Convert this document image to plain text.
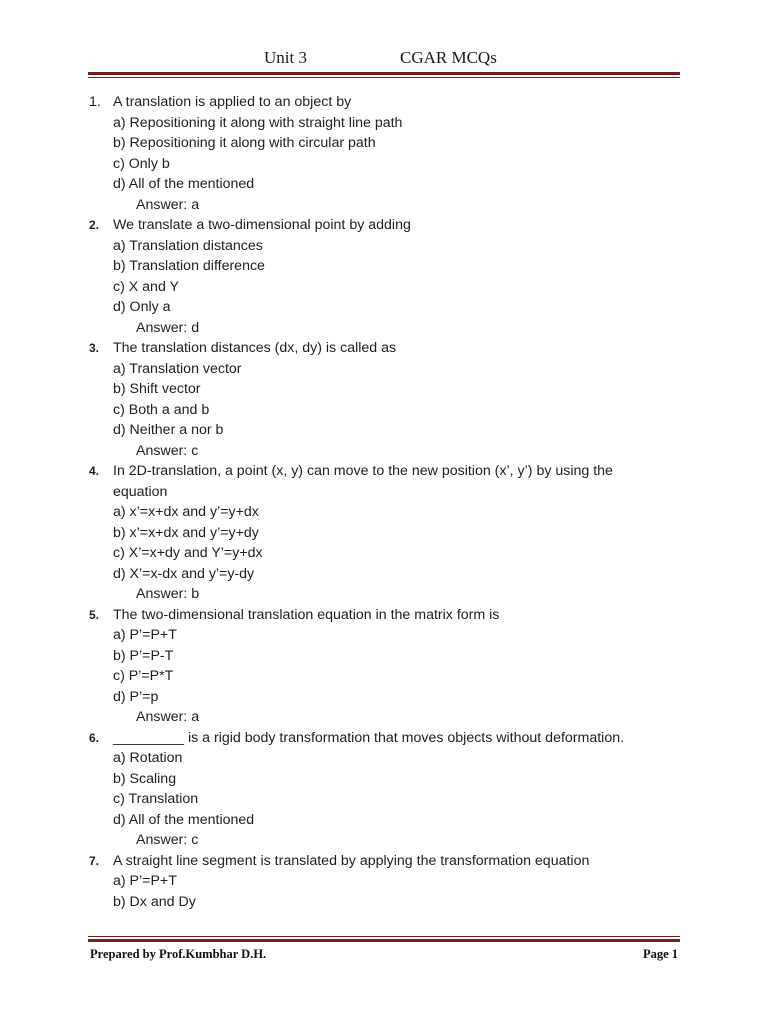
Unit 3	CGAR MCQs
1. A translation is applied to an object by
a) Repositioning it along with straight line path
b) Repositioning it along with circular path
c) Only b
d) All of the mentioned
Answer: a
2. We translate a two-dimensional point by adding
a) Translation distances
b) Translation difference
c) X and Y
d) Only a
Answer: d
3. The translation distances (dx, dy) is called as
a) Translation vector
b) Shift vector
c) Both a and b
d) Neither a nor b
Answer: c
4. In 2D-translation, a point (x, y) can move to the new position (x’, y’) by using the
equation
a) x’=x+dx and y’=y+dx
b) x’=x+dx and y’=y+dy
c) X’=x+dy and Y’=y+dx
d) X’=x-dx and y’=y-dy
Answer: b
5. The two-dimensional translation equation in the matrix form is
a) P’=P+T
b) P’=P-T
c) P’=P*T
d) P’=p
Answer: a
6. _________ is a rigid body transformation that moves objects without deformation.
a) Rotation
b) Scaling
c) Translation
d) All of the mentioned
Answer: c
7. A straight line segment is translated by applying the transformation equation
a) P’=P+T
b) Dx and Dy
Prepared by Prof.Kumbhar D.H.	Page 1
